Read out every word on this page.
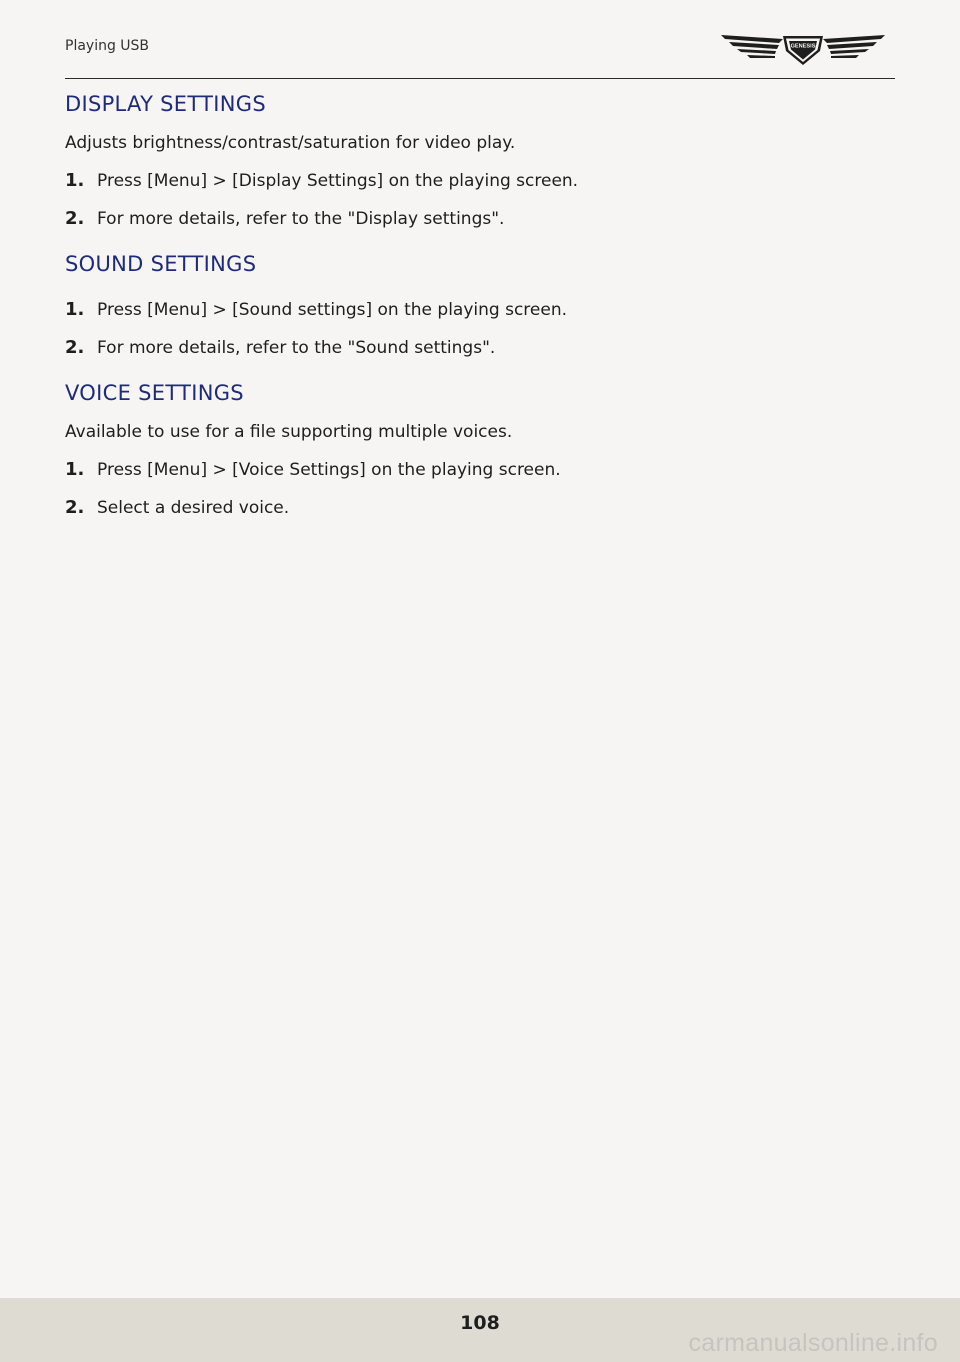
Playing USB	GENESIS
DISPLAY SETTINGS

Adjusts brightness/contrast/saturation for video play.

1. Press [Menu] > [Display Settings] on the playing screen.
2. For more details, refer to the "Display settings".
SOUND SETTINGS
1. Press [Menu] > [Sound settings] on the playing screen.
2. For more details, refer to the "Sound settings".
VOICE SETTINGS

Available to use for a file supporting multiple voices.

1. Press [Menu] > [Voice Settings] on the playing screen.
2. Select a desired voice.
108
carmanualsonline.info
